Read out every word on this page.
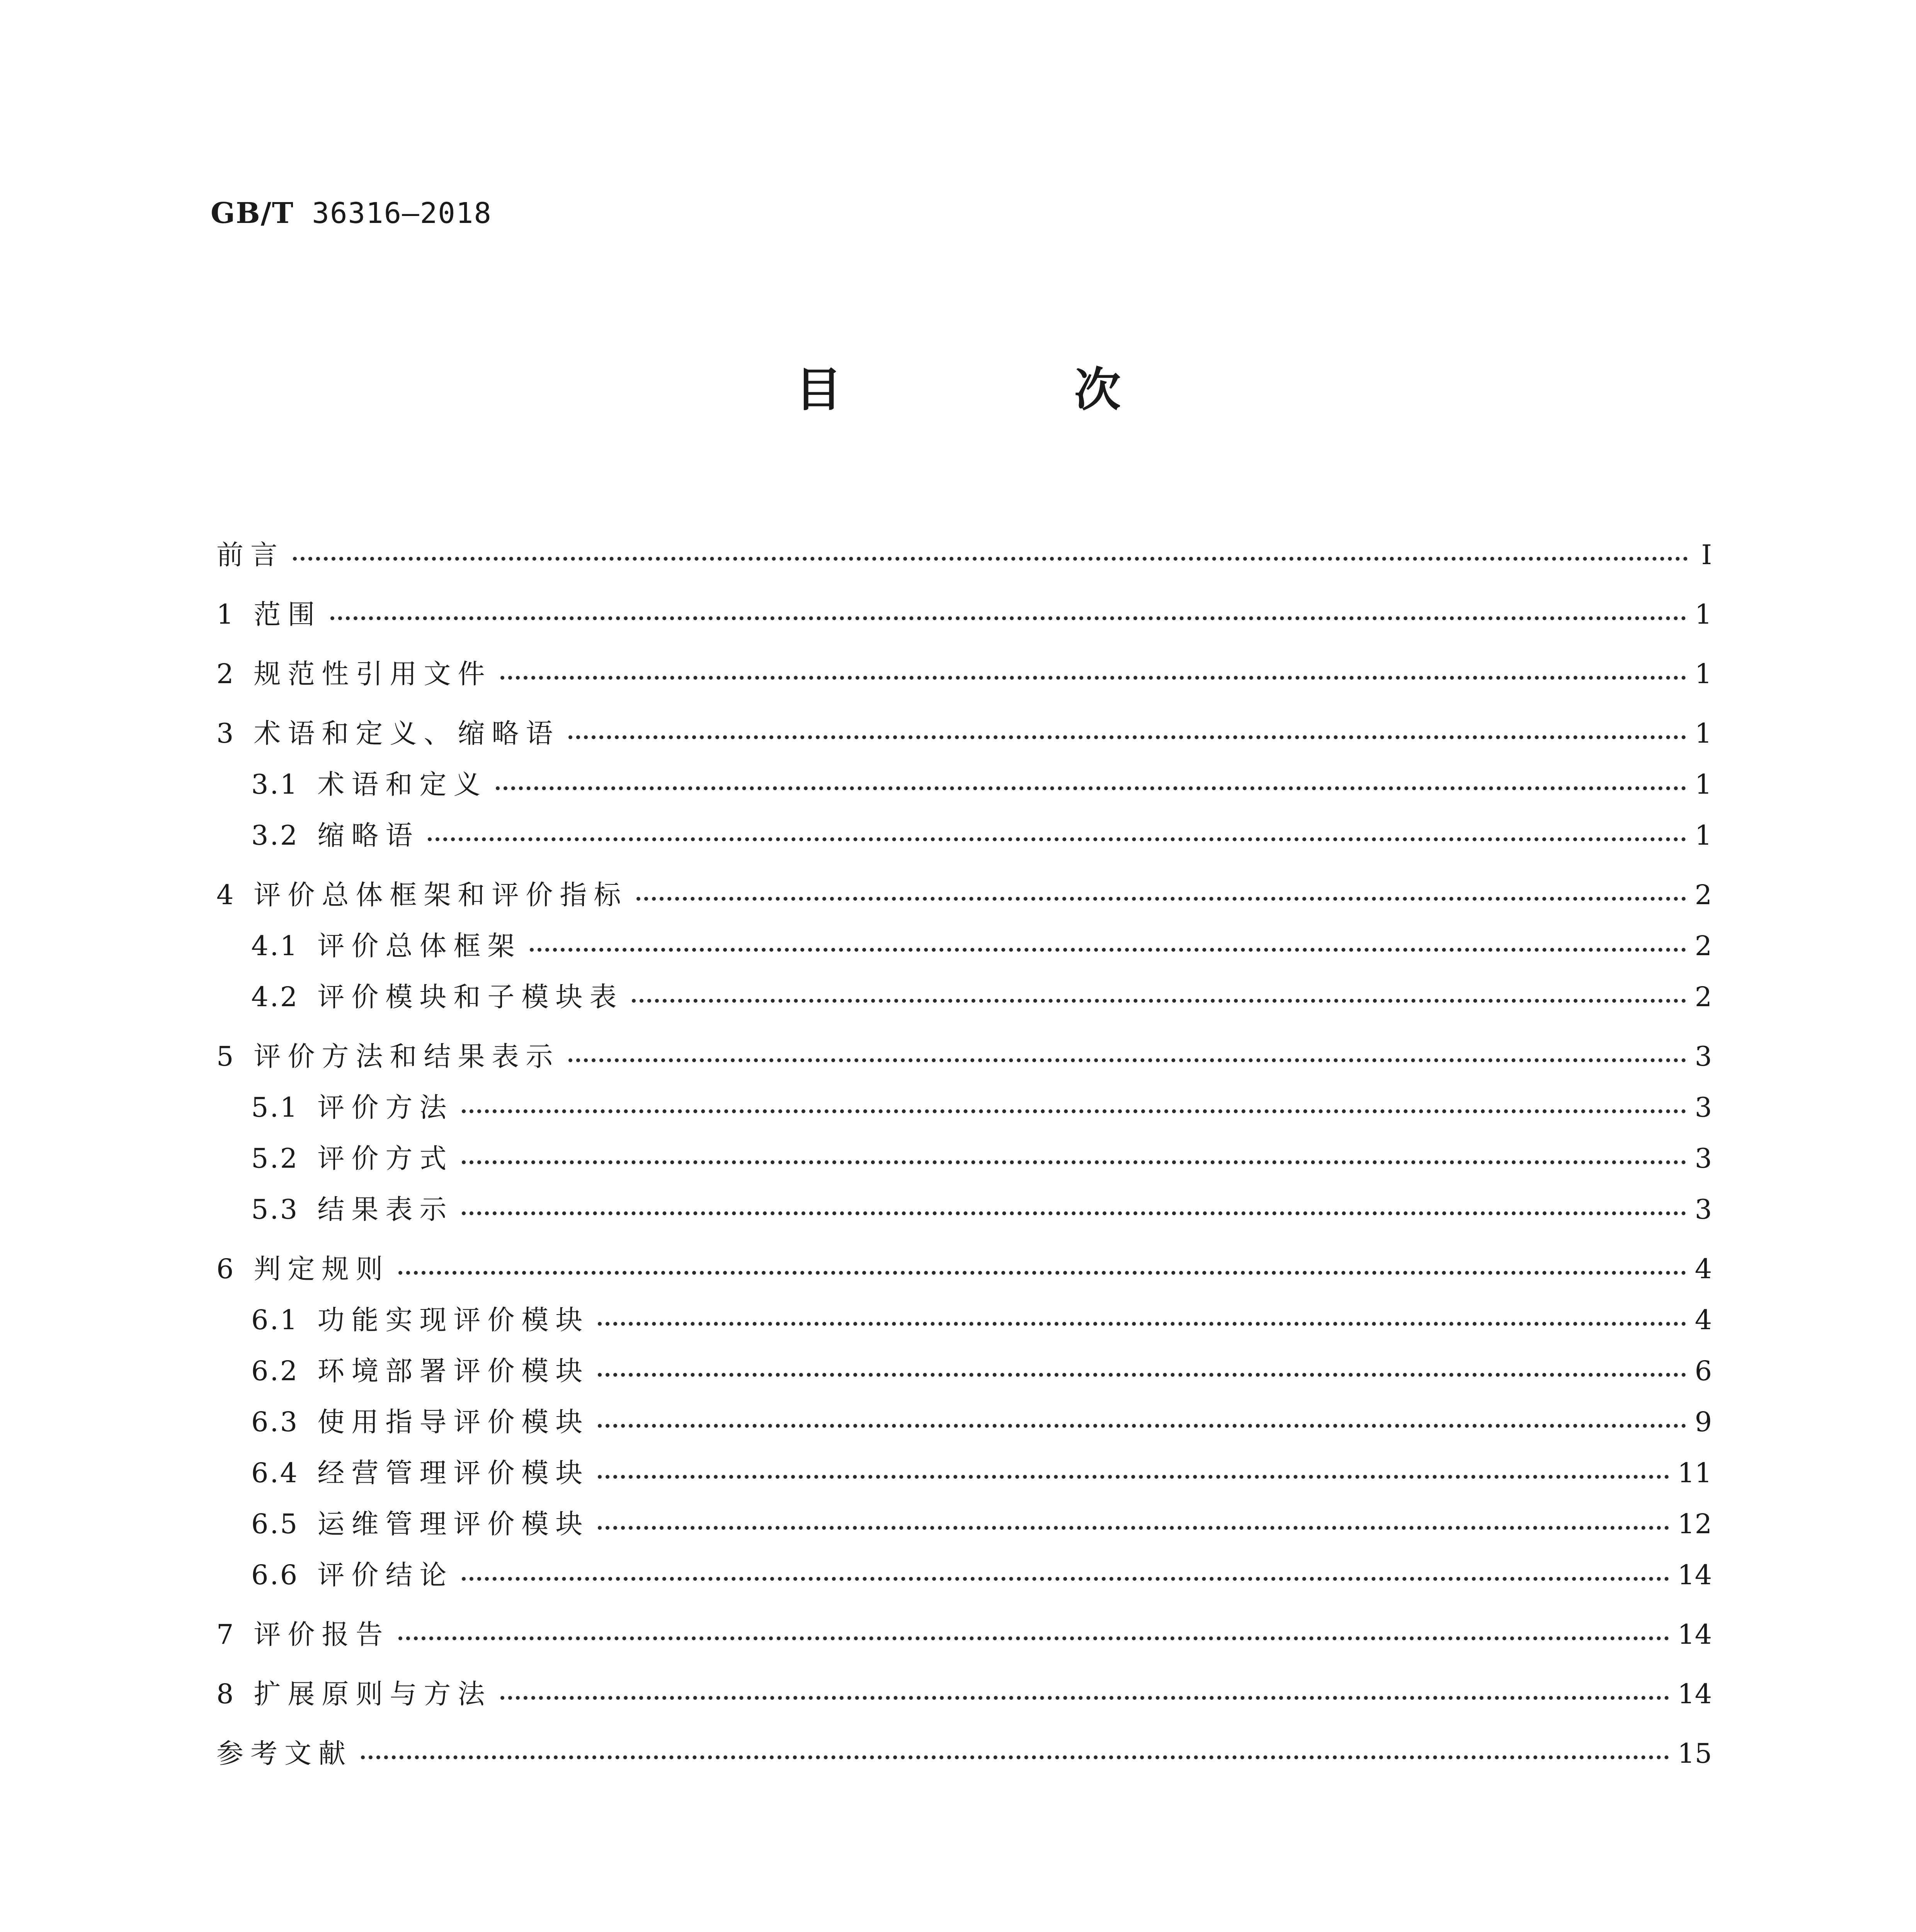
GB/T 36316—2018
目 次
前言	Ⅰ
1 范围	1
2 规范性引用文件	1
3 术语和定义、缩略语	1
3.1 术语和定义	1
3.2 缩略语	1
4 评价总体框架和评价指标	2
4.1 评价总体框架	2
4.2 评价模块和子模块表	2
5 评价方法和结果表示	3
5.1 评价方法	3
5.2 评价方式	3
5.3 结果表示	3
6 判定规则	4
6.1 功能实现评价模块	4
6.2 环境部署评价模块	6
6.3 使用指导评价模块	9
6.4 经营管理评价模块	11
6.5 运维管理评价模块	12
6.6 评价结论	14
7 评价报告	14
8 扩展原则与方法	14
参考文献	15
